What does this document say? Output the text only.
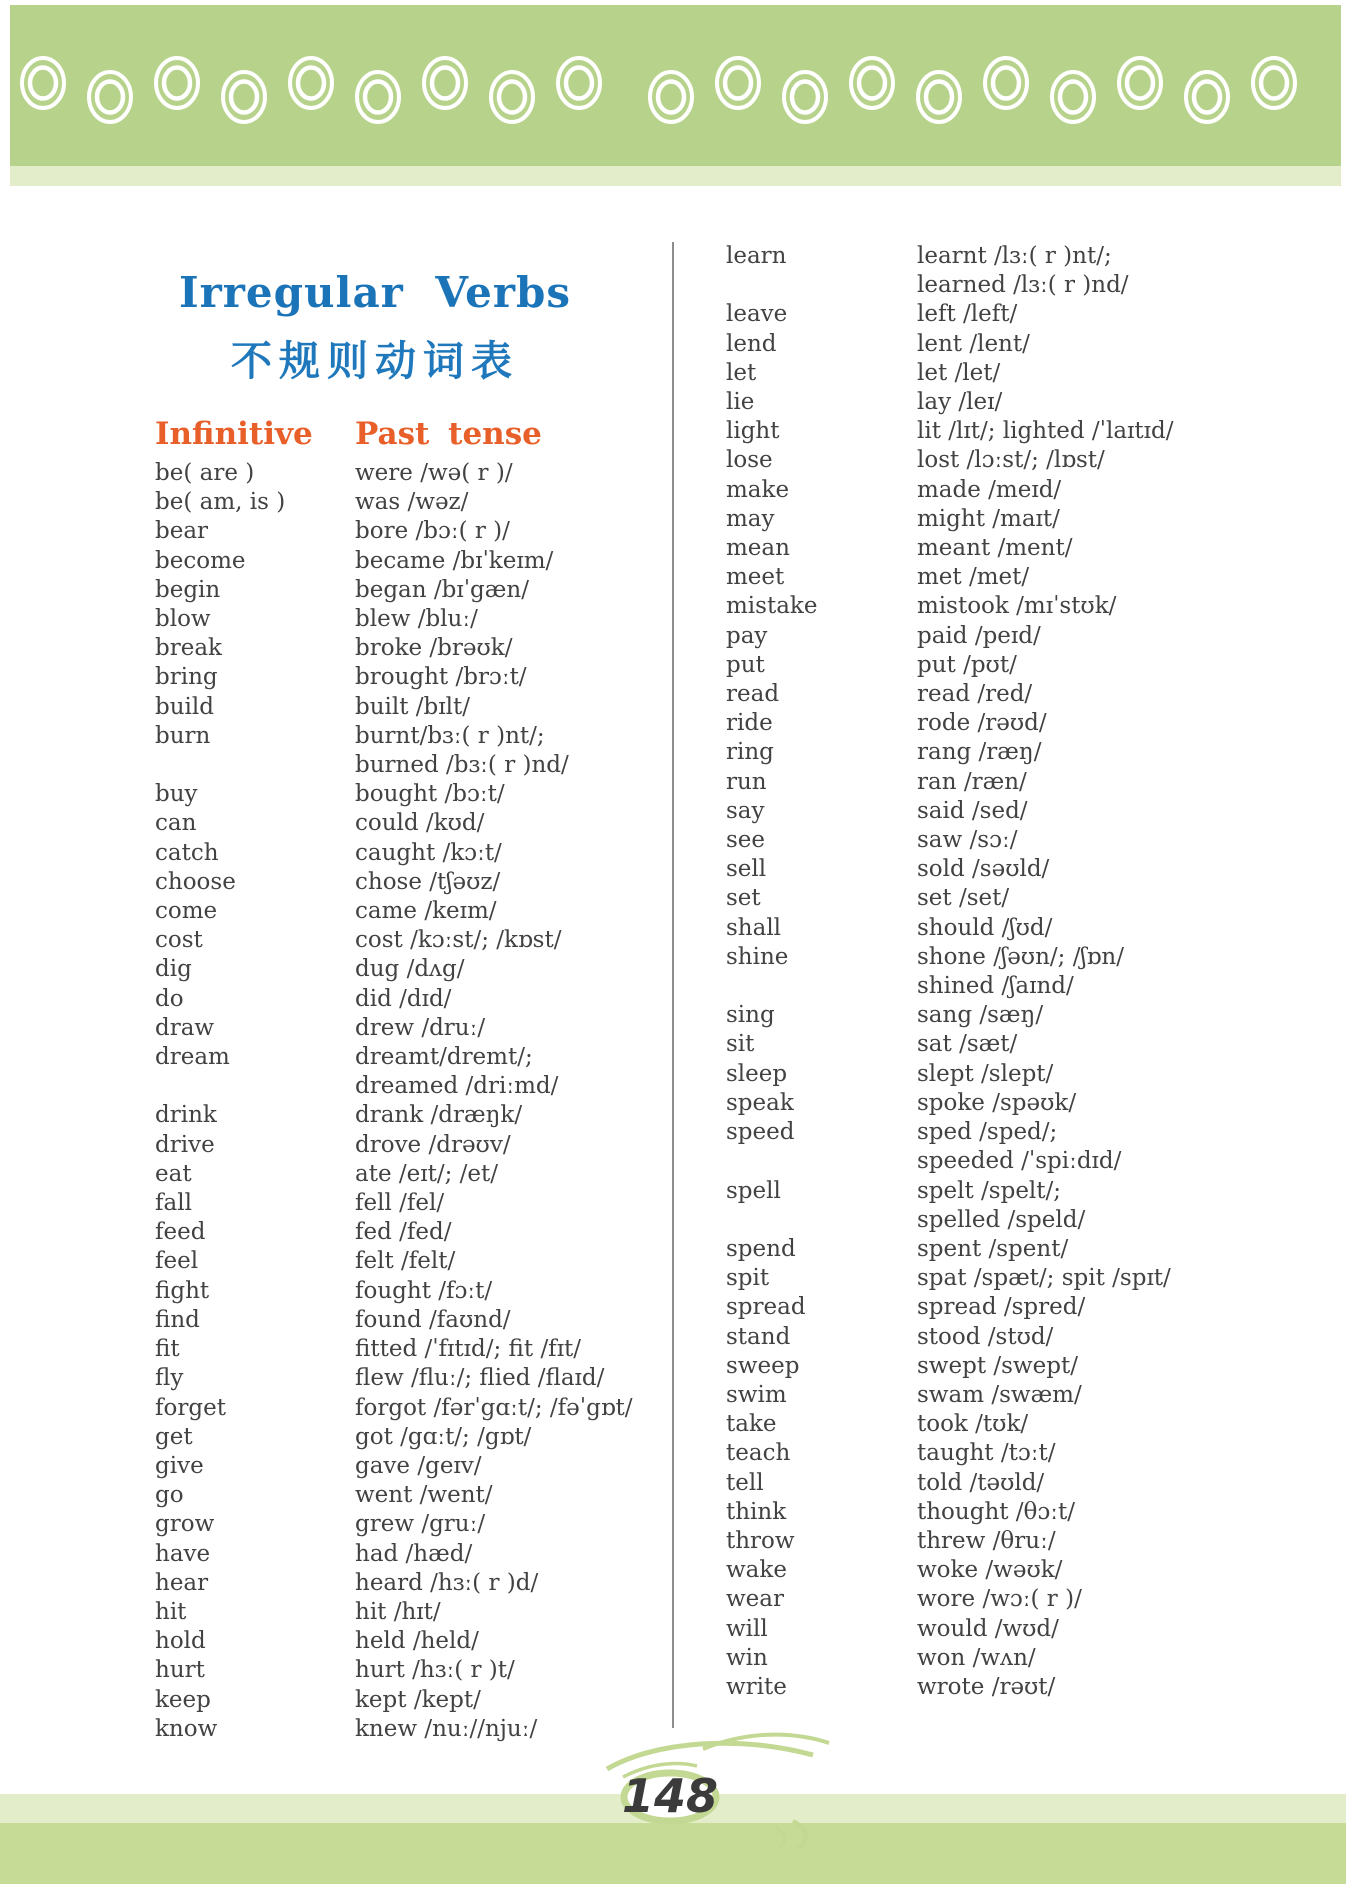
Irregular Verbs
不规则动词表
Infinitive Past tense
be( are )	were /wə( r )/
be( am, is )	was /wəz/
bear	bore /bɔː( r )/
become	became /bɪˈkeɪm/
begin	began /bɪˈgæn/
blow	blew /bluː/
break	broke /brəʊk/
bring	brought /brɔːt/
build	built /bɪlt/
burn	burnt/bɜː( r )nt/;
burned /bɜː( r )nd/
buy	bought /bɔːt/
can	could /kʊd/
catch	caught /kɔːt/
choose	chose /tʃəʊz/
come	came /keɪm/
cost	cost /kɔːst/; /kɒst/
dig	dug /dʌg/
do	did /dɪd/
draw	drew /druː/
dream	dreamt/dremt/;
dreamed /driːmd/
drink	drank /dræŋk/
drive	drove /drəʊv/
eat	ate /eɪt/; /et/
fall	fell /fel/
feed	fed /fed/
feel	felt /felt/
fight	fought /fɔːt/
find	found /faʊnd/
fit	fitted /ˈfɪtɪd/; fit /fɪt/
fly	flew /fluː/; flied /flaɪd/
forget	forgot /fərˈgɑːt/; /fəˈgɒt/
get	got /gɑːt/; /gɒt/
give	gave /geɪv/
go	went /went/
grow	grew /gruː/
have	had /hæd/
hear	heard /hɜː( r )d/
hit	hit /hɪt/
hold	held /held/
hurt	hurt /hɜː( r )t/
keep	kept /kept/
know	knew /nuː//njuː/
learn	learnt /lɜː( r )nt/;
learned /lɜː( r )nd/
leave	left /left/
lend	lent /lent/
let	let /let/
lie	lay /leɪ/
light	lit /lɪt/; lighted /ˈlaɪtɪd/
lose	lost /lɔːst/; /lɒst/
make	made /meɪd/
may	might /maɪt/
mean	meant /ment/
meet	met /met/
mistake	mistook /mɪˈstʊk/
pay	paid /peɪd/
put	put /pʊt/
read	read /red/
ride	rode /rəʊd/
ring	rang /ræŋ/
run	ran /ræn/
say	said /sed/
see	saw /sɔː/
sell	sold /səʊld/
set	set /set/
shall	should /ʃʊd/
shine	shone /ʃəʊn/; /ʃɒn/
shined /ʃaɪnd/
sing	sang /sæŋ/
sit	sat /sæt/
sleep	slept /slept/
speak	spoke /spəʊk/
speed	sped /sped/;
speeded /ˈspiːdɪd/
spell	spelt /spelt/;
spelled /speld/
spend	spent /spent/
spit	spat /spæt/; spit /spɪt/
spread	spread /spred/
stand	stood /stʊd/
sweep	swept /swept/
swim	swam /swæm/
take	took /tʊk/
teach	taught /tɔːt/
tell	told /təʊld/
think	thought /θɔːt/
throw	threw /θruː/
wake	woke /wəʊk/
wear	wore /wɔː( r )/
will	would /wʊd/
win	won /wʌn/
write	wrote /rəʊt/
148
